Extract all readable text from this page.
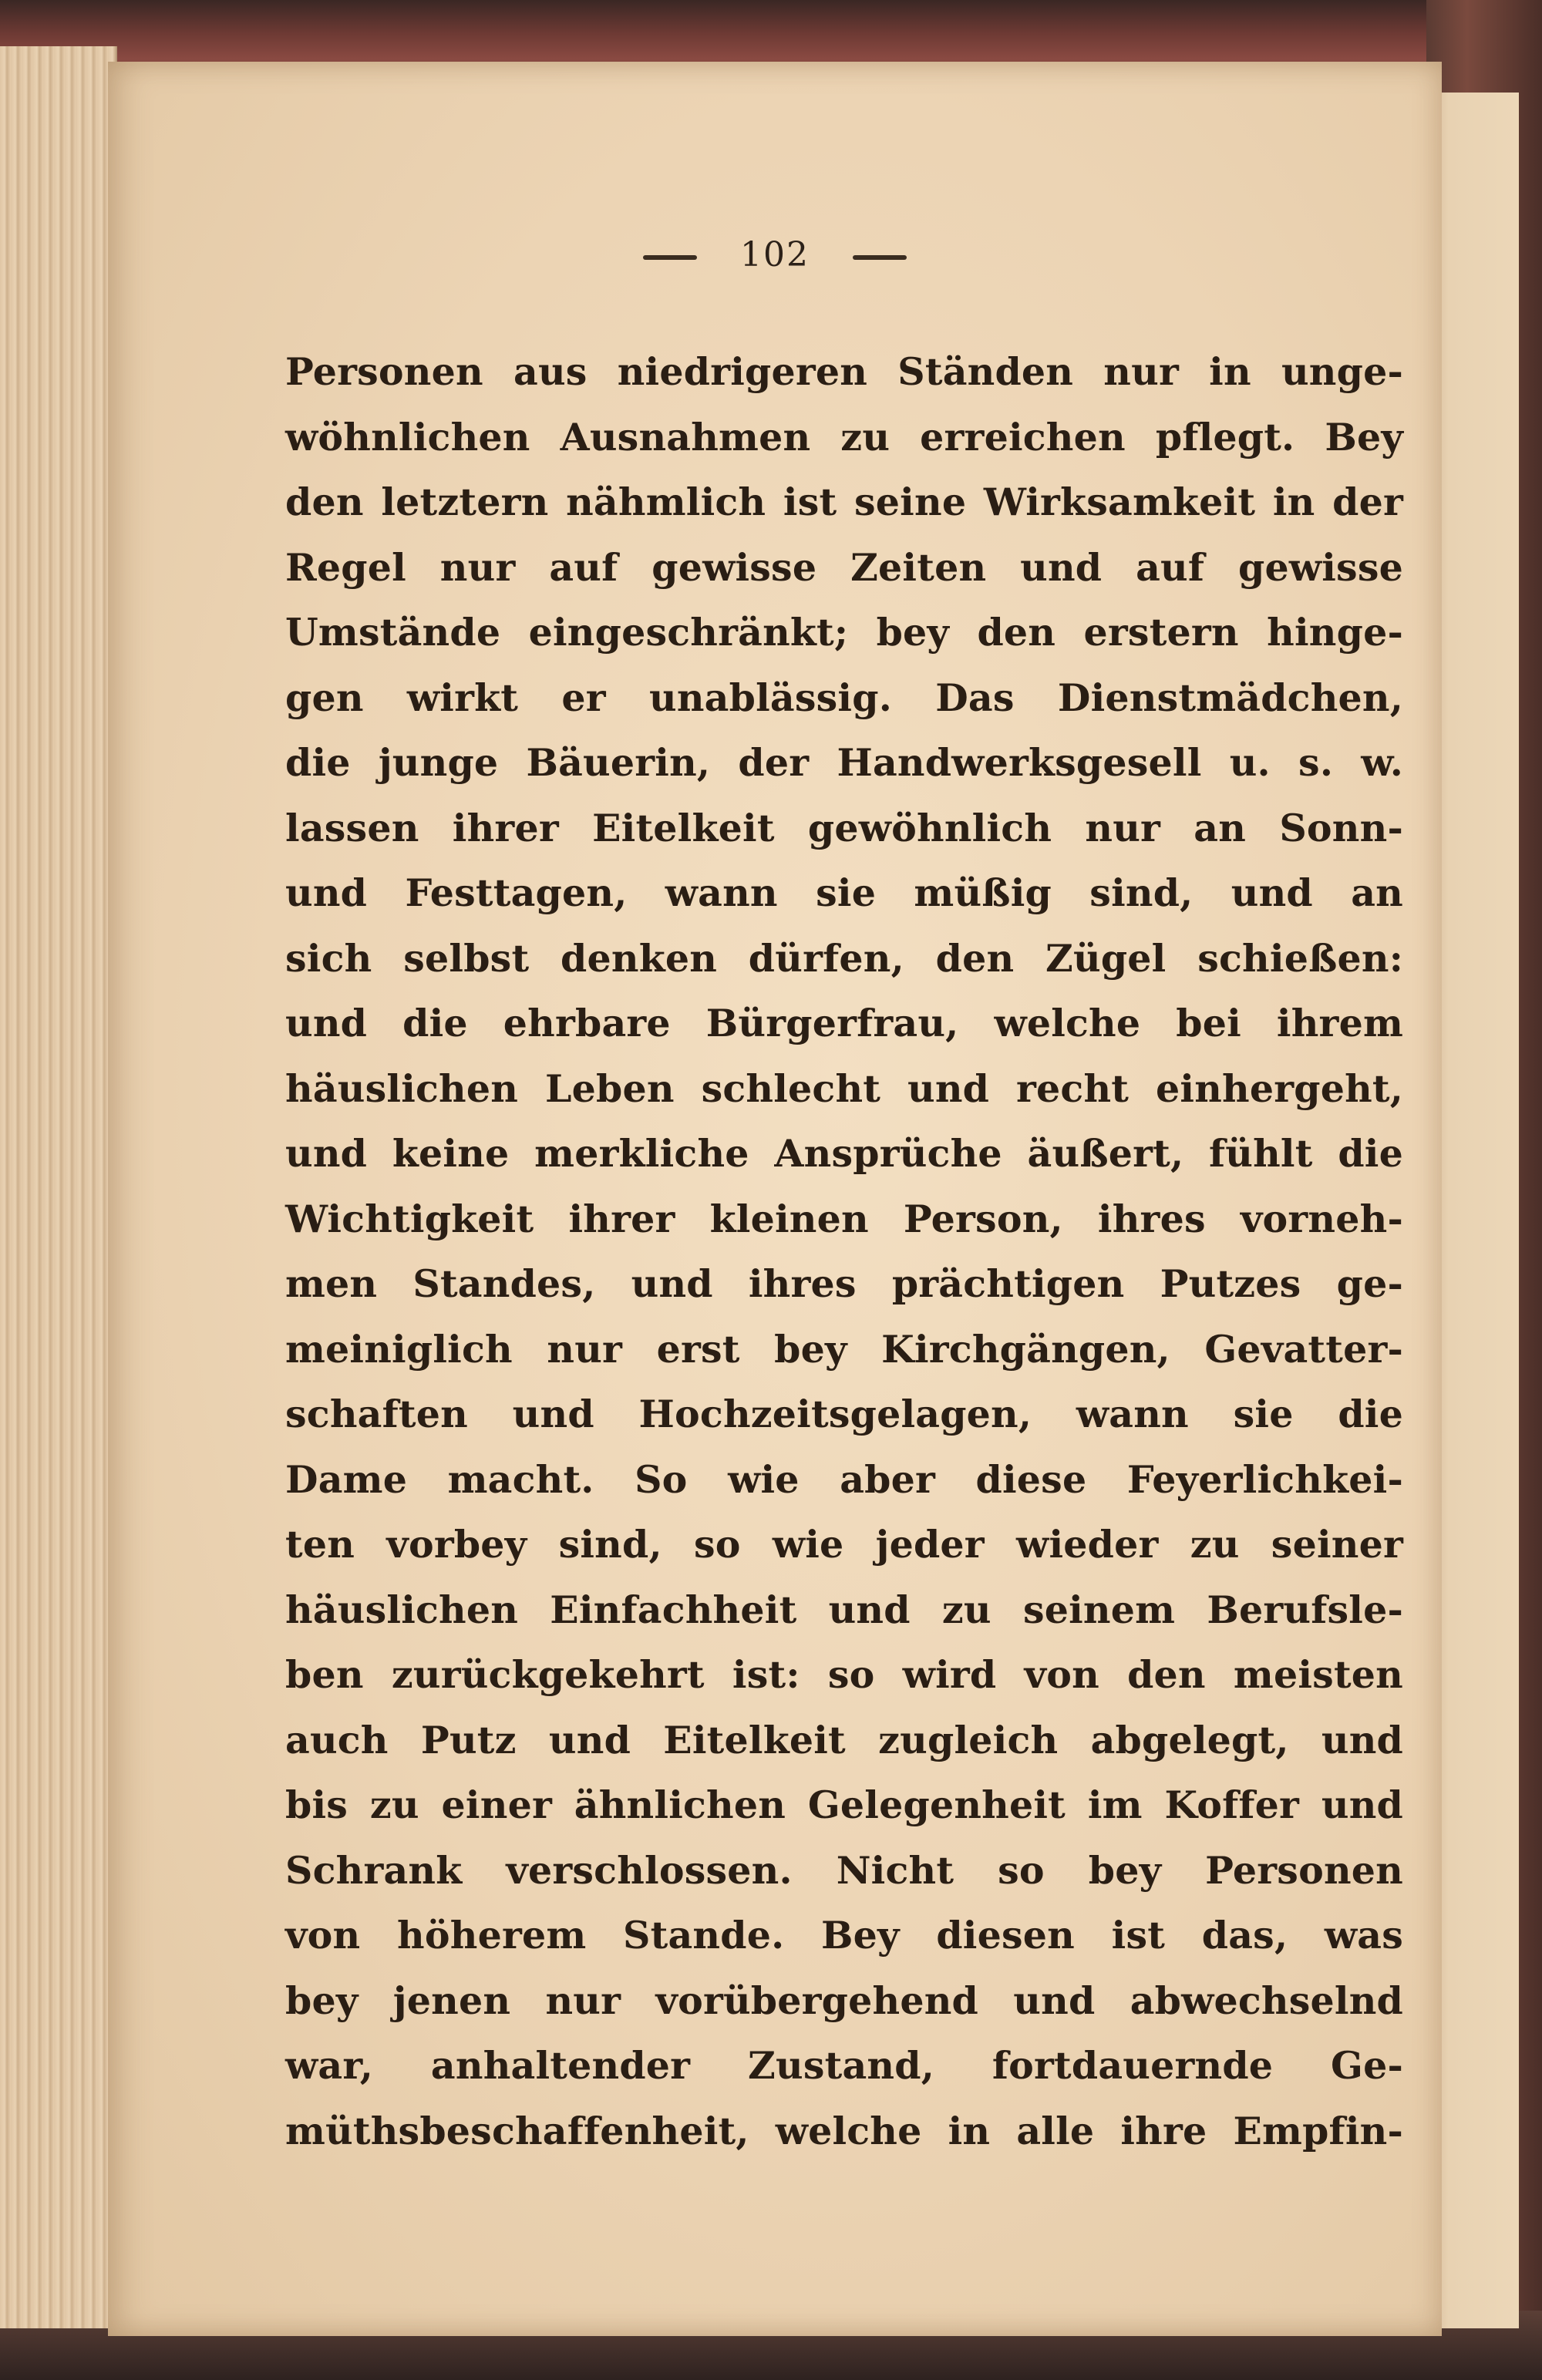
102
Personen aus niedrigeren Ständen nur in unge-
wöhnlichen Ausnahmen zu erreichen pflegt. Bey
den letztern nähmlich ist seine Wirksamkeit in der
Regel nur auf gewisse Zeiten und auf gewisse
Umstände eingeschränkt; bey den erstern hinge-
gen wirkt er unablässig. Das Dienstmädchen,
die junge Bäuerin, der Handwerksgesell u. s. w.
lassen ihrer Eitelkeit gewöhnlich nur an Sonn-
und Festtagen, wann sie müßig sind, und an
sich selbst denken dürfen, den Zügel schießen:
und die ehrbare Bürgerfrau, welche bei ihrem
häuslichen Leben schlecht und recht einhergeht,
und keine merkliche Ansprüche äußert, fühlt die
Wichtigkeit ihrer kleinen Person, ihres vorneh-
men Standes, und ihres prächtigen Putzes ge-
meiniglich nur erst bey Kirchgängen, Gevatter-
schaften und Hochzeitsgelagen, wann sie die
Dame macht. So wie aber diese Feyerlichkei-
ten vorbey sind, so wie jeder wieder zu seiner
häuslichen Einfachheit und zu seinem Berufsle-
ben zurückgekehrt ist: so wird von den meisten
auch Putz und Eitelkeit zugleich abgelegt, und
bis zu einer ähnlichen Gelegenheit im Koffer und
Schrank verschlossen. Nicht so bey Personen
von höherem Stande. Bey diesen ist das, was
bey jenen nur vorübergehend und abwechselnd
war, anhaltender Zustand, fortdauernde Ge-
müthsbeschaffenheit, welche in alle ihre Empfin-
